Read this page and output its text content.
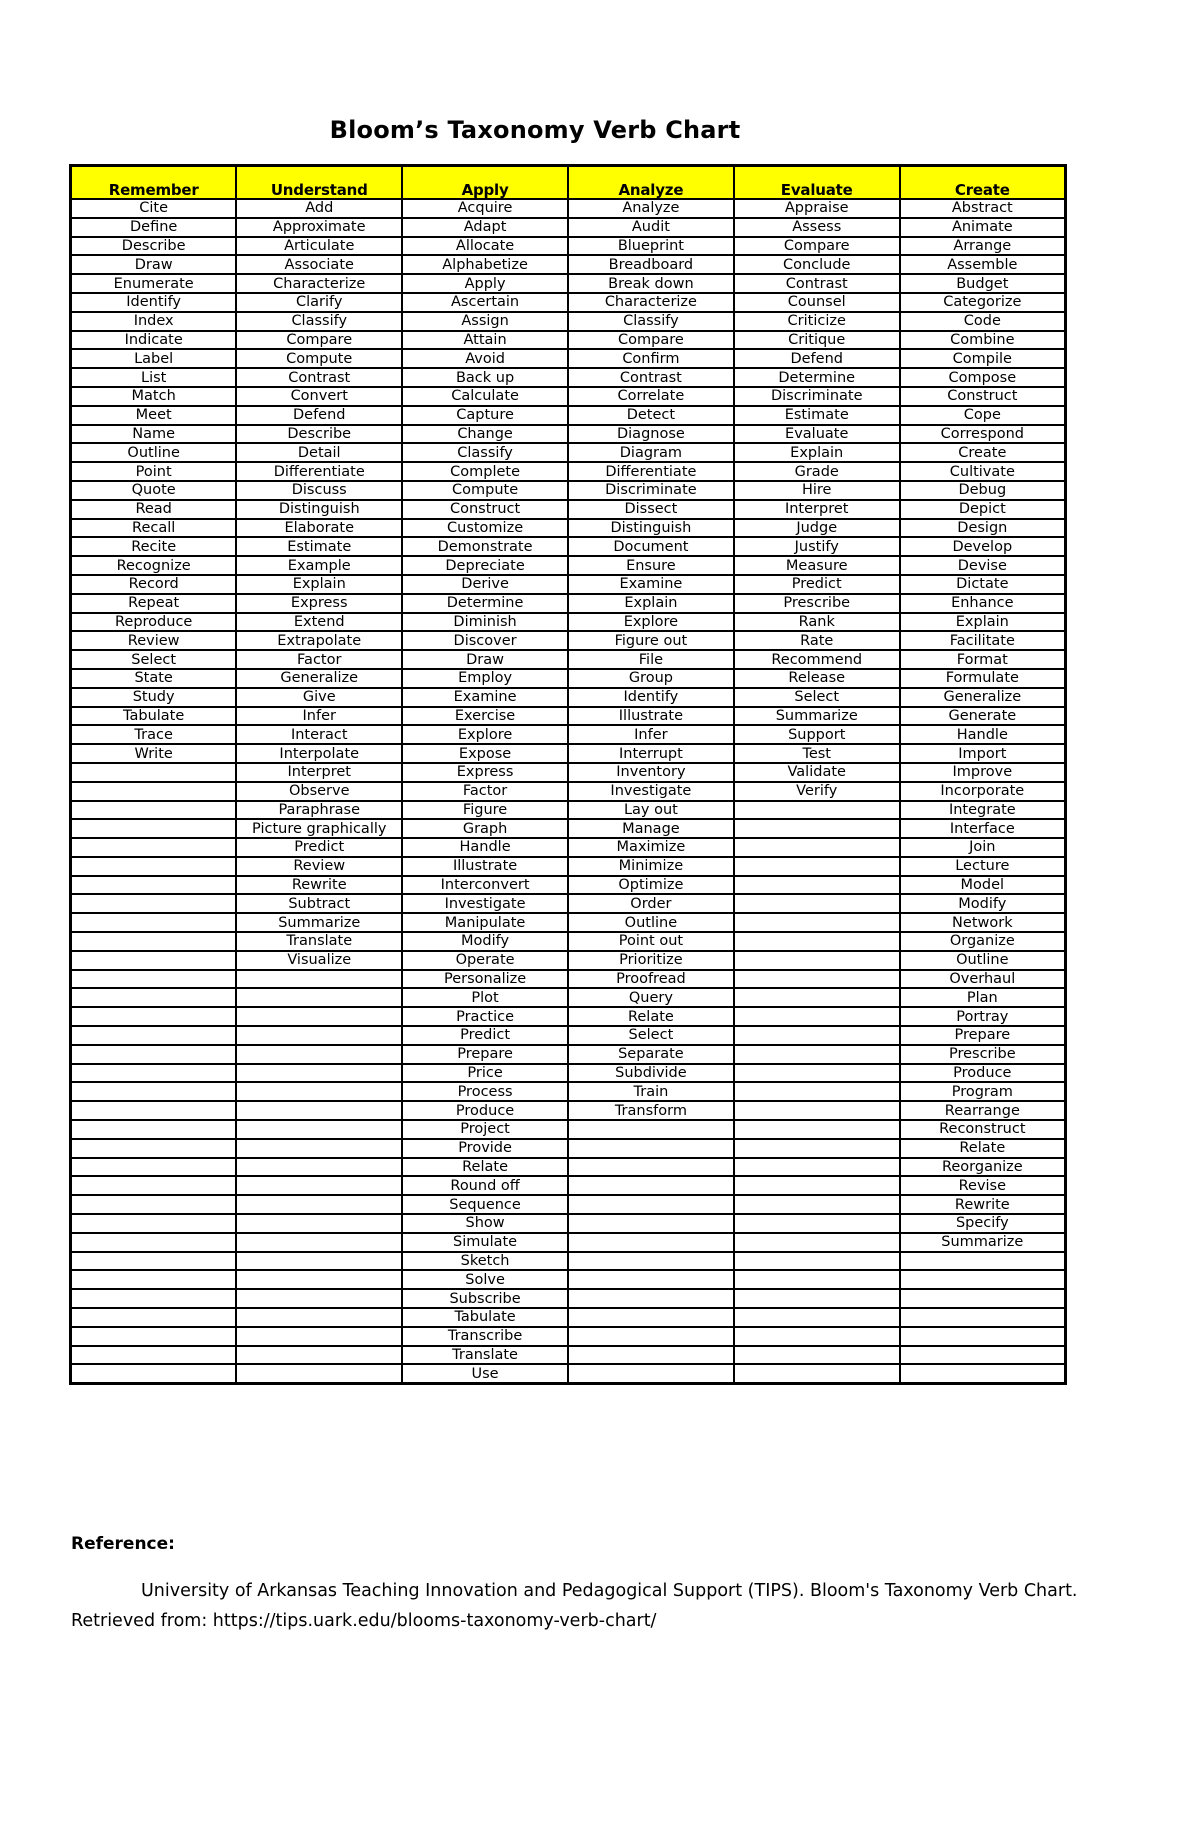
Bloom’s Taxonomy Verb Chart
Remember	Understand	Apply	Analyze	Evaluate	Create
Cite	Add	Acquire	Analyze	Appraise	Abstract
Define	Approximate	Adapt	Audit	Assess	Animate
Describe	Articulate	Allocate	Blueprint	Compare	Arrange
Draw	Associate	Alphabetize	Breadboard	Conclude	Assemble
Enumerate	Characterize	Apply	Break down	Contrast	Budget
Identify	Clarify	Ascertain	Characterize	Counsel	Categorize
Index	Classify	Assign	Classify	Criticize	Code
Indicate	Compare	Attain	Compare	Critique	Combine
Label	Compute	Avoid	Confirm	Defend	Compile
List	Contrast	Back up	Contrast	Determine	Compose
Match	Convert	Calculate	Correlate	Discriminate	Construct
Meet	Defend	Capture	Detect	Estimate	Cope
Name	Describe	Change	Diagnose	Evaluate	Correspond
Outline	Detail	Classify	Diagram	Explain	Create
Point	Differentiate	Complete	Differentiate	Grade	Cultivate
Quote	Discuss	Compute	Discriminate	Hire	Debug
Read	Distinguish	Construct	Dissect	Interpret	Depict
Recall	Elaborate	Customize	Distinguish	Judge	Design
Recite	Estimate	Demonstrate	Document	Justify	Develop
Recognize	Example	Depreciate	Ensure	Measure	Devise
Record	Explain	Derive	Examine	Predict	Dictate
Repeat	Express	Determine	Explain	Prescribe	Enhance
Reproduce	Extend	Diminish	Explore	Rank	Explain
Review	Extrapolate	Discover	Figure out	Rate	Facilitate
Select	Factor	Draw	File	Recommend	Format
State	Generalize	Employ	Group	Release	Formulate
Study	Give	Examine	Identify	Select	Generalize
Tabulate	Infer	Exercise	Illustrate	Summarize	Generate
Trace	Interact	Explore	Infer	Support	Handle
Write	Interpolate	Expose	Interrupt	Test	Import
	Interpret	Express	Inventory	Validate	Improve
	Observe	Factor	Investigate	Verify	Incorporate
	Paraphrase	Figure	Lay out		Integrate
	Picture graphically	Graph	Manage		Interface
	Predict	Handle	Maximize		Join
	Review	Illustrate	Minimize		Lecture
	Rewrite	Interconvert	Optimize		Model
	Subtract	Investigate	Order		Modify
	Summarize	Manipulate	Outline		Network
	Translate	Modify	Point out		Organize
	Visualize	Operate	Prioritize		Outline
		Personalize	Proofread		Overhaul
		Plot	Query		Plan
		Practice	Relate		Portray
		Predict	Select		Prepare
		Prepare	Separate		Prescribe
		Price	Subdivide		Produce
		Process	Train		Program
		Produce	Transform		Rearrange
		Project			Reconstruct
		Provide			Relate
		Relate			Reorganize
		Round off			Revise
		Sequence			Rewrite
		Show			Specify
		Simulate			Summarize
		Sketch			
		Solve			
		Subscribe			
		Tabulate			
		Transcribe			
		Translate			
		Use			
Reference:
University of Arkansas Teaching Innovation and Pedagogical Support (TIPS). Bloom's Taxonomy Verb Chart. Retrieved from: https://tips.uark.edu/blooms-taxonomy-verb-chart/
